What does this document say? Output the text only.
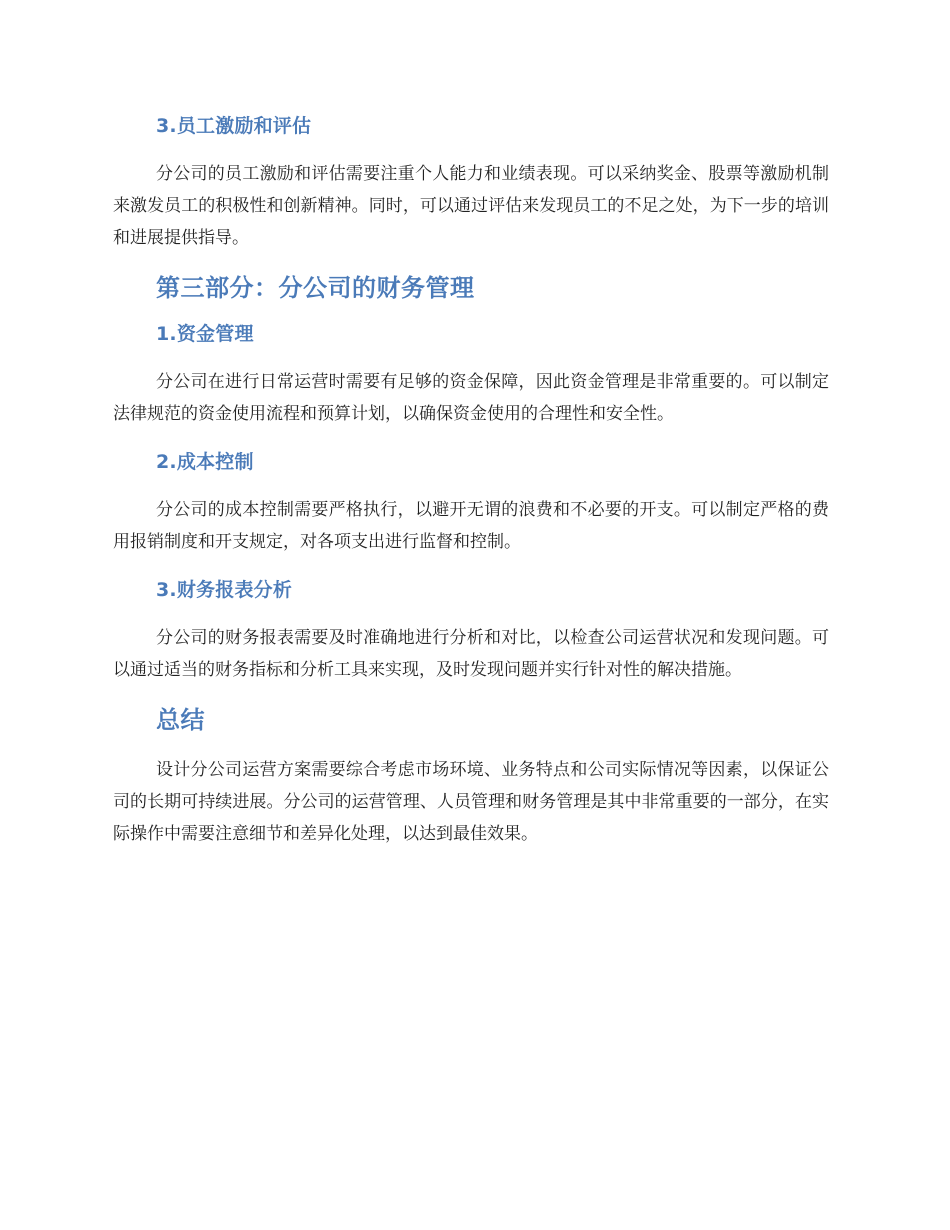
3.员工激励和评估

分公司的员工激励和评估需要注重个人能力和业绩表现。可以采纳奖金、股票等激励机制来激发员工的积极性和创新精神。同时，可以通过评估来发现员工的不足之处，为下一步的培训和进展提供指导。

第三部分：分公司的财务管理
1.资金管理

分公司在进行日常运营时需要有足够的资金保障，因此资金管理是非常重要的。可以制定法律规范的资金使用流程和预算计划，以确保资金使用的合理性和安全性。

2.成本控制

分公司的成本控制需要严格执行，以避开无谓的浪费和不必要的开支。可以制定严格的费用报销制度和开支规定，对各项支出进行监督和控制。

3.财务报表分析

分公司的财务报表需要及时准确地进行分析和对比，以检查公司运营状况和发现问题。可以通过适当的财务指标和分析工具来实现，及时发现问题并实行针对性的解决措施。

总结

设计分公司运营方案需要综合考虑市场环境、业务特点和公司实际情况等因素，以保证公司的长期可持续进展。分公司的运营管理、人员管理和财务管理是其中非常重要的一部分，在实际操作中需要注意细节和差异化处理，以达到最佳效果。
